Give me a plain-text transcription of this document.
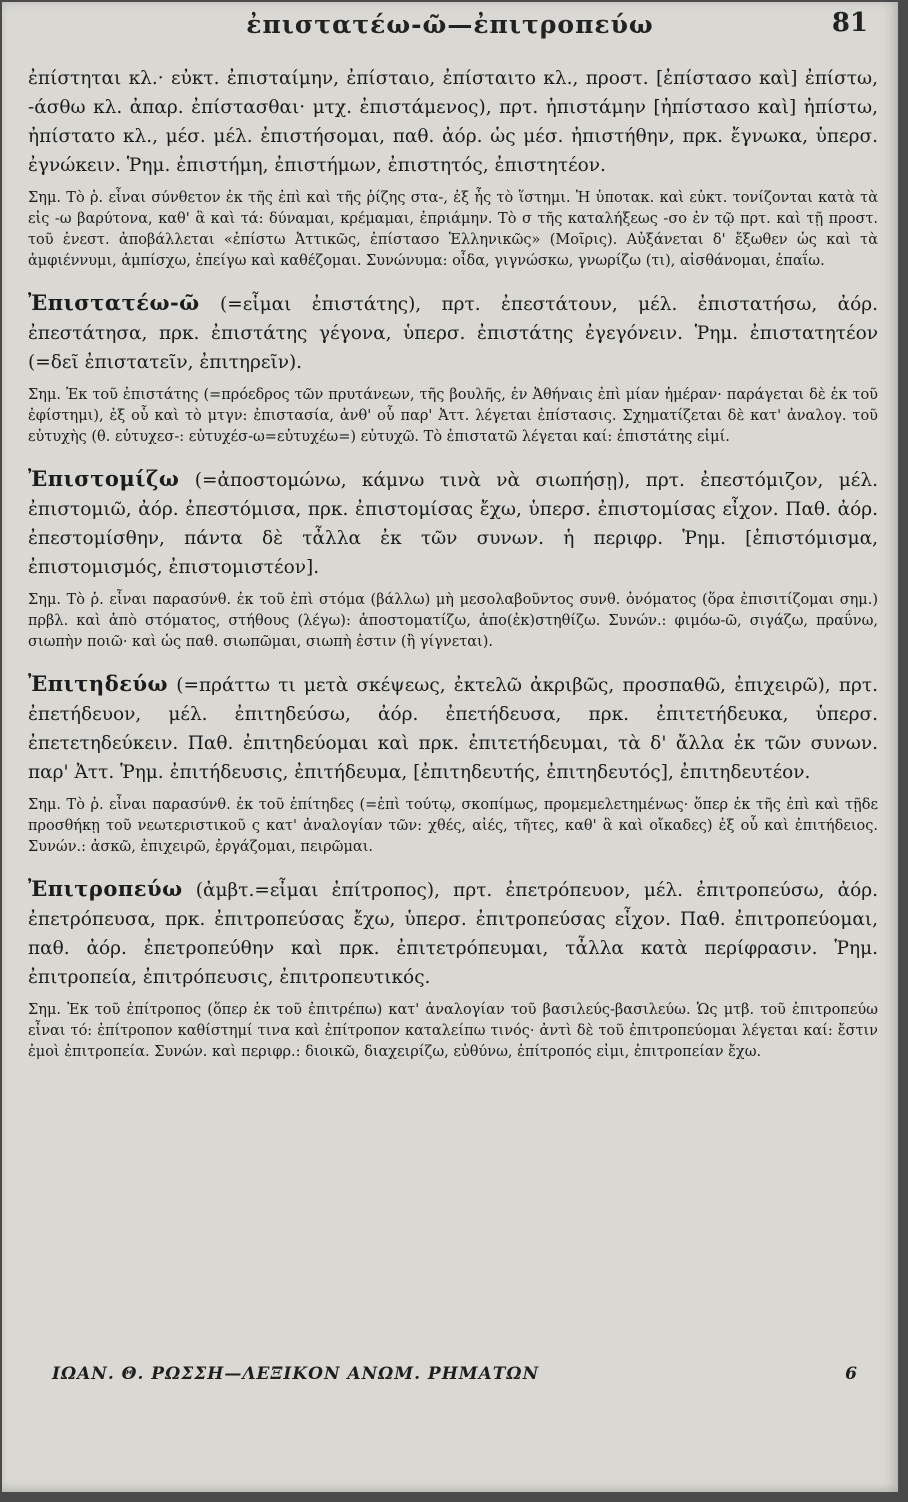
ἐπιστατέω-ῶ—ἐπιτροπεύω	81

ἐπίστηται κλ.· εὐκτ. ἐπισταίμην, ἐπίσταιο, ἐπίσταιτο κλ., προστ. [ἐπίστασο καὶ] ἐπίστω, -άσθω κλ. ἀπαρ. ἐπίστασθαι· μτχ. ἐπιστάμενος), πρτ. ἠπιστάμην [ἠπίστασο καὶ] ἠπίστω, ἠπίστατο κλ., μέσ. μέλ. ἐπιστήσομαι, παθ. ἀόρ. ὡς μέσ. ἠπιστήθην, πρκ. ἔγνωκα, ὑπερσ. ἐγνώκειν. Ῥημ. ἐπιστήμη, ἐπιστήμων, ἐπιστητός, ἐπιστητέον.

Σημ. Τὸ ῥ. εἶναι σύνθετον ἐκ τῆς ἐπὶ καὶ τῆς ῥίζης στα-, ἐξ ἧς τὸ ἵστημι. Ἡ ὑποτακ. καὶ εὐκτ. τονίζονται κατὰ τὰ εἰς -ω βαρύτονα, καθ' ἃ καὶ τά: δύναμαι, κρέμαμαι, ἐπριάμην. Τὸ σ τῆς καταλήξεως -σο ἐν τῷ πρτ. καὶ τῇ προστ. τοῦ ἐνεστ. ἀποβάλλεται «ἐπίστω Ἀττικῶς, ἐπίστασο Ἑλληνικῶς» (Μοῖρις). Αὐξάνεται δ' ἔξωθεν ὡς καὶ τὰ ἀμφιέννυμι, ἀμπίσχω, ἐπείγω καὶ καθέζομαι. Συνώνυμα: οἶδα, γιγνώσκω, γνωρίζω (τι), αἰσθάνομαι, ἐπαΐω.

Ἐπιστατέω-ῶ (=εἶμαι ἐπιστάτης), πρτ. ἐπεστάτουν, μέλ. ἐπιστατήσω, ἀόρ. ἐπεστάτησα, πρκ. ἐπιστάτης γέγονα, ὑπερσ. ἐπιστάτης ἐγεγόνειν. Ῥημ. ἐπιστατητέον (=δεῖ ἐπιστατεῖν, ἐπιτηρεῖν).

Σημ. Ἐκ τοῦ ἐπιστάτης (=πρόεδρος τῶν πρυτάνεων, τῆς βουλῆς, ἐν Ἀθήναις ἐπὶ μίαν ἡμέραν· παράγεται δὲ ἐκ τοῦ ἐφίστημι), ἐξ οὗ καὶ τὸ μτγν: ἐπιστασία, ἀνθ' οὗ παρ' Ἀττ. λέγεται ἐπίστασις. Σχηματίζεται δὲ κατ' ἀναλογ. τοῦ εὐτυχὴς (θ. εὐτυχεσ-: εὐτυχέσ-ω=εὐτυχέω=) εὐτυχῶ. Τὸ ἐπιστατῶ λέγεται καί: ἐπιστάτης εἰμί.

Ἐπιστομίζω (=ἀποστομώνω, κάμνω τινὰ νὰ σιωπήσῃ), πρτ. ἐπεστόμιζον, μέλ. ἐπιστομιῶ, ἀόρ. ἐπεστόμισα, πρκ. ἐπιστομίσας ἔχω, ὑπερσ. ἐπιστομίσας εἶχον. Παθ. ἀόρ. ἐπεστομίσθην, πάντα δὲ τἆλλα ἐκ τῶν συνων. ἡ περιφρ. Ῥημ. [ἐπιστόμισμα, ἐπιστομισμός, ἐπιστομιστέον].

Σημ. Τὸ ῥ. εἶναι παρασύνθ. ἐκ τοῦ ἐπὶ στόμα (βάλλω) μὴ μεσολαβοῦντος συνθ. ὀνόματος (ὅρα ἐπισιτίζομαι σημ.) πρβλ. καὶ ἀπὸ στόματος, στήθους (λέγω): ἀποστοματίζω, ἀπο(ἐκ)στηθίζω. Συνών.: φιμόω-ῶ, σιγάζω, πραΰνω, σιωπὴν ποιῶ· καὶ ὡς παθ. σιωπῶμαι, σιωπὴ ἐστιν (ἢ γίγνεται).

Ἐπιτηδεύω (=πράττω τι μετὰ σκέψεως, ἐκτελῶ ἀκριβῶς, προσπαθῶ, ἐπιχειρῶ), πρτ. ἐπετήδευον, μέλ. ἐπιτηδεύσω, ἀόρ. ἐπετήδευσα, πρκ. ἐπιτετήδευκα, ὑπερσ. ἐπετετηδεύκειν. Παθ. ἐπιτηδεύομαι καὶ πρκ. ἐπιτετήδευμαι, τὰ δ' ἄλλα ἐκ τῶν συνων. παρ' Ἀττ. Ῥημ. ἐπιτήδευσις, ἐπιτήδευμα, [ἐπιτηδευτής, ἐπιτηδευτός], ἐπιτηδευτέον.

Σημ. Τὸ ῥ. εἶναι παρασύνθ. ἐκ τοῦ ἐπίτηδες (=ἐπὶ τούτῳ, σκοπίμως, προμεμελετημένως· ὅπερ ἐκ τῆς ἐπὶ καὶ τῇδε προσθήκῃ τοῦ νεωτεριστικοῦ ς κατ' ἀναλογίαν τῶν: χθές, αἰές, τῆτες, καθ' ἃ καὶ οἴκαδες) ἐξ οὗ καὶ ἐπιτήδειος. Συνών.: ἀσκῶ, ἐπιχειρῶ, ἐργάζομαι, πειρῶμαι.

Ἐπιτροπεύω (ἀμβτ.=εἶμαι ἐπίτροπος), πρτ. ἐπετρόπευον, μέλ. ἐπιτροπεύσω, ἀόρ. ἐπετρόπευσα, πρκ. ἐπιτροπεύσας ἔχω, ὑπερσ. ἐπιτροπεύσας εἶχον. Παθ. ἐπιτροπεύομαι, παθ. ἀόρ. ἐπετροπεύθην καὶ πρκ. ἐπιτετρόπευμαι, τἆλλα κατὰ περίφρασιν. Ῥημ. ἐπιτροπεία, ἐπιτρόπευσις, ἐπιτροπευτικός.

Σημ. Ἐκ τοῦ ἐπίτροπος (ὅπερ ἐκ τοῦ ἐπιτρέπω) κατ' ἀναλογίαν τοῦ βασιλεύς-βασιλεύω. Ὡς μτβ. τοῦ ἐπιτροπεύω εἶναι τό: ἐπίτροπον καθίστημί τινα καὶ ἐπίτροπον καταλείπω τινός· ἀντὶ δὲ τοῦ ἐπιτροπεύομαι λέγεται καί: ἔστιν ἐμοὶ ἐπιτροπεία. Συνών. καὶ περιφρ.: διοικῶ, διαχειρίζω, εὐθύνω, ἐπίτροπός εἰμι, ἐπιτροπείαν ἔχω.

ΙΩΑΝ. Θ. ΡΩΣΣΗ—ΛΕΞΙΚΟΝ ΑΝΩΜ. ΡΗΜΑΤΩΝ	6
